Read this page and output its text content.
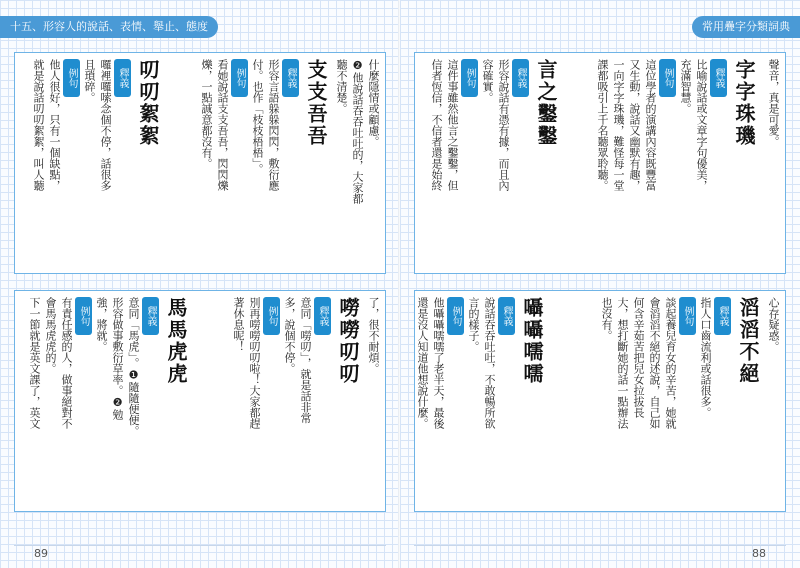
十五、形容人的說話、表情、舉止、態度
什麼隱情或顧慮。
❷他說話吞吞吐吐的，大家都
聽不清楚。
支支吾吾
釋義
形容言語躲躲閃閃，敷衍應
付。也作「枝枝梧梧」。
例句
看她說話支支吾吾，閃閃爍
爍，一點誠意都沒有。
叨叨絮絮
釋義
囉裡囉嗦念個不停，話很多
且瑣碎。
例句
他人很好，只有一個缺點，
就是說話叨叨絮絮，叫人聽
了，很不耐煩。
嘮嘮叨叨
釋義
意同「嘮叨」，就是話非常
多，說個不停。
例句
別再嘮嘮叨叨啦！大家都趕
著休息呢！
馬馬虎虎
釋義
意同「馬虎」。❶隨隨便便。
形容做事敷衍草率。❷勉
強，將就。
例句
有責任感的人，做事絕對不
會馬馬虎虎的。
下一節就是英文課了，英文
89
常用疊字分類詞典
聲音，真是可愛。
字字珠璣
釋義
比喻說話或文章字句優美，
充滿智慧。
例句
這位學者的演講內容既豐富
又生動，說話又幽默有趣，
一向字字珠璣，難怪每一堂
課都吸引上千名聽眾聆聽。
言之鑿鑿
釋義
形容說話有憑有據，而且內
容確實。
例句
這件事雖然他言之鑿鑿，但
信者恆信，不信者還是始終
心存疑惑。
滔滔不絕
釋義
指人口齒流利或話很多。
例句
談起養兒育女的辛苦，她就
會滔滔不絕的述說，自己如
何含辛茹苦把兒女拉拔長
大，想打斷她的話一點辦法
也沒有。
囁囁嚅嚅
釋義
說話吞吞吐吐，不敢暢所欲
言的樣子。
例句
他囁囁嚅嚅了老半天，最後
還是沒人知道他想說什麼。
88
